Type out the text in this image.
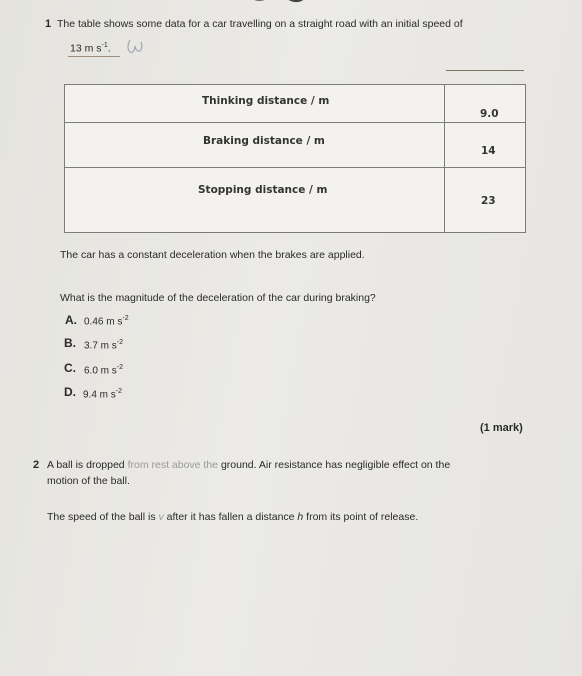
1 The table shows some data for a car travelling on a straight road with an initial speed of
13 m $s^{-1}$.
Thinking distance / m	9.0

Braking distance / m	14

Stopping distance / m	23
The car has a constant deceleration when the brakes are applied.
What is the magnitude of the deceleration of the car during braking?
A. 0.46 m $s^{-2}$
B. 3.7 m $s^{-2}$
C. 6.0 m $s^{-2}$
D. 9.4 m $s^{-2}$
(1 mark)
2 A ball is dropped from rest above the ground. Air resistance has negligible effect on the
motion of the ball.
The speed of the ball is v after it has fallen a distance h from its point of release.
